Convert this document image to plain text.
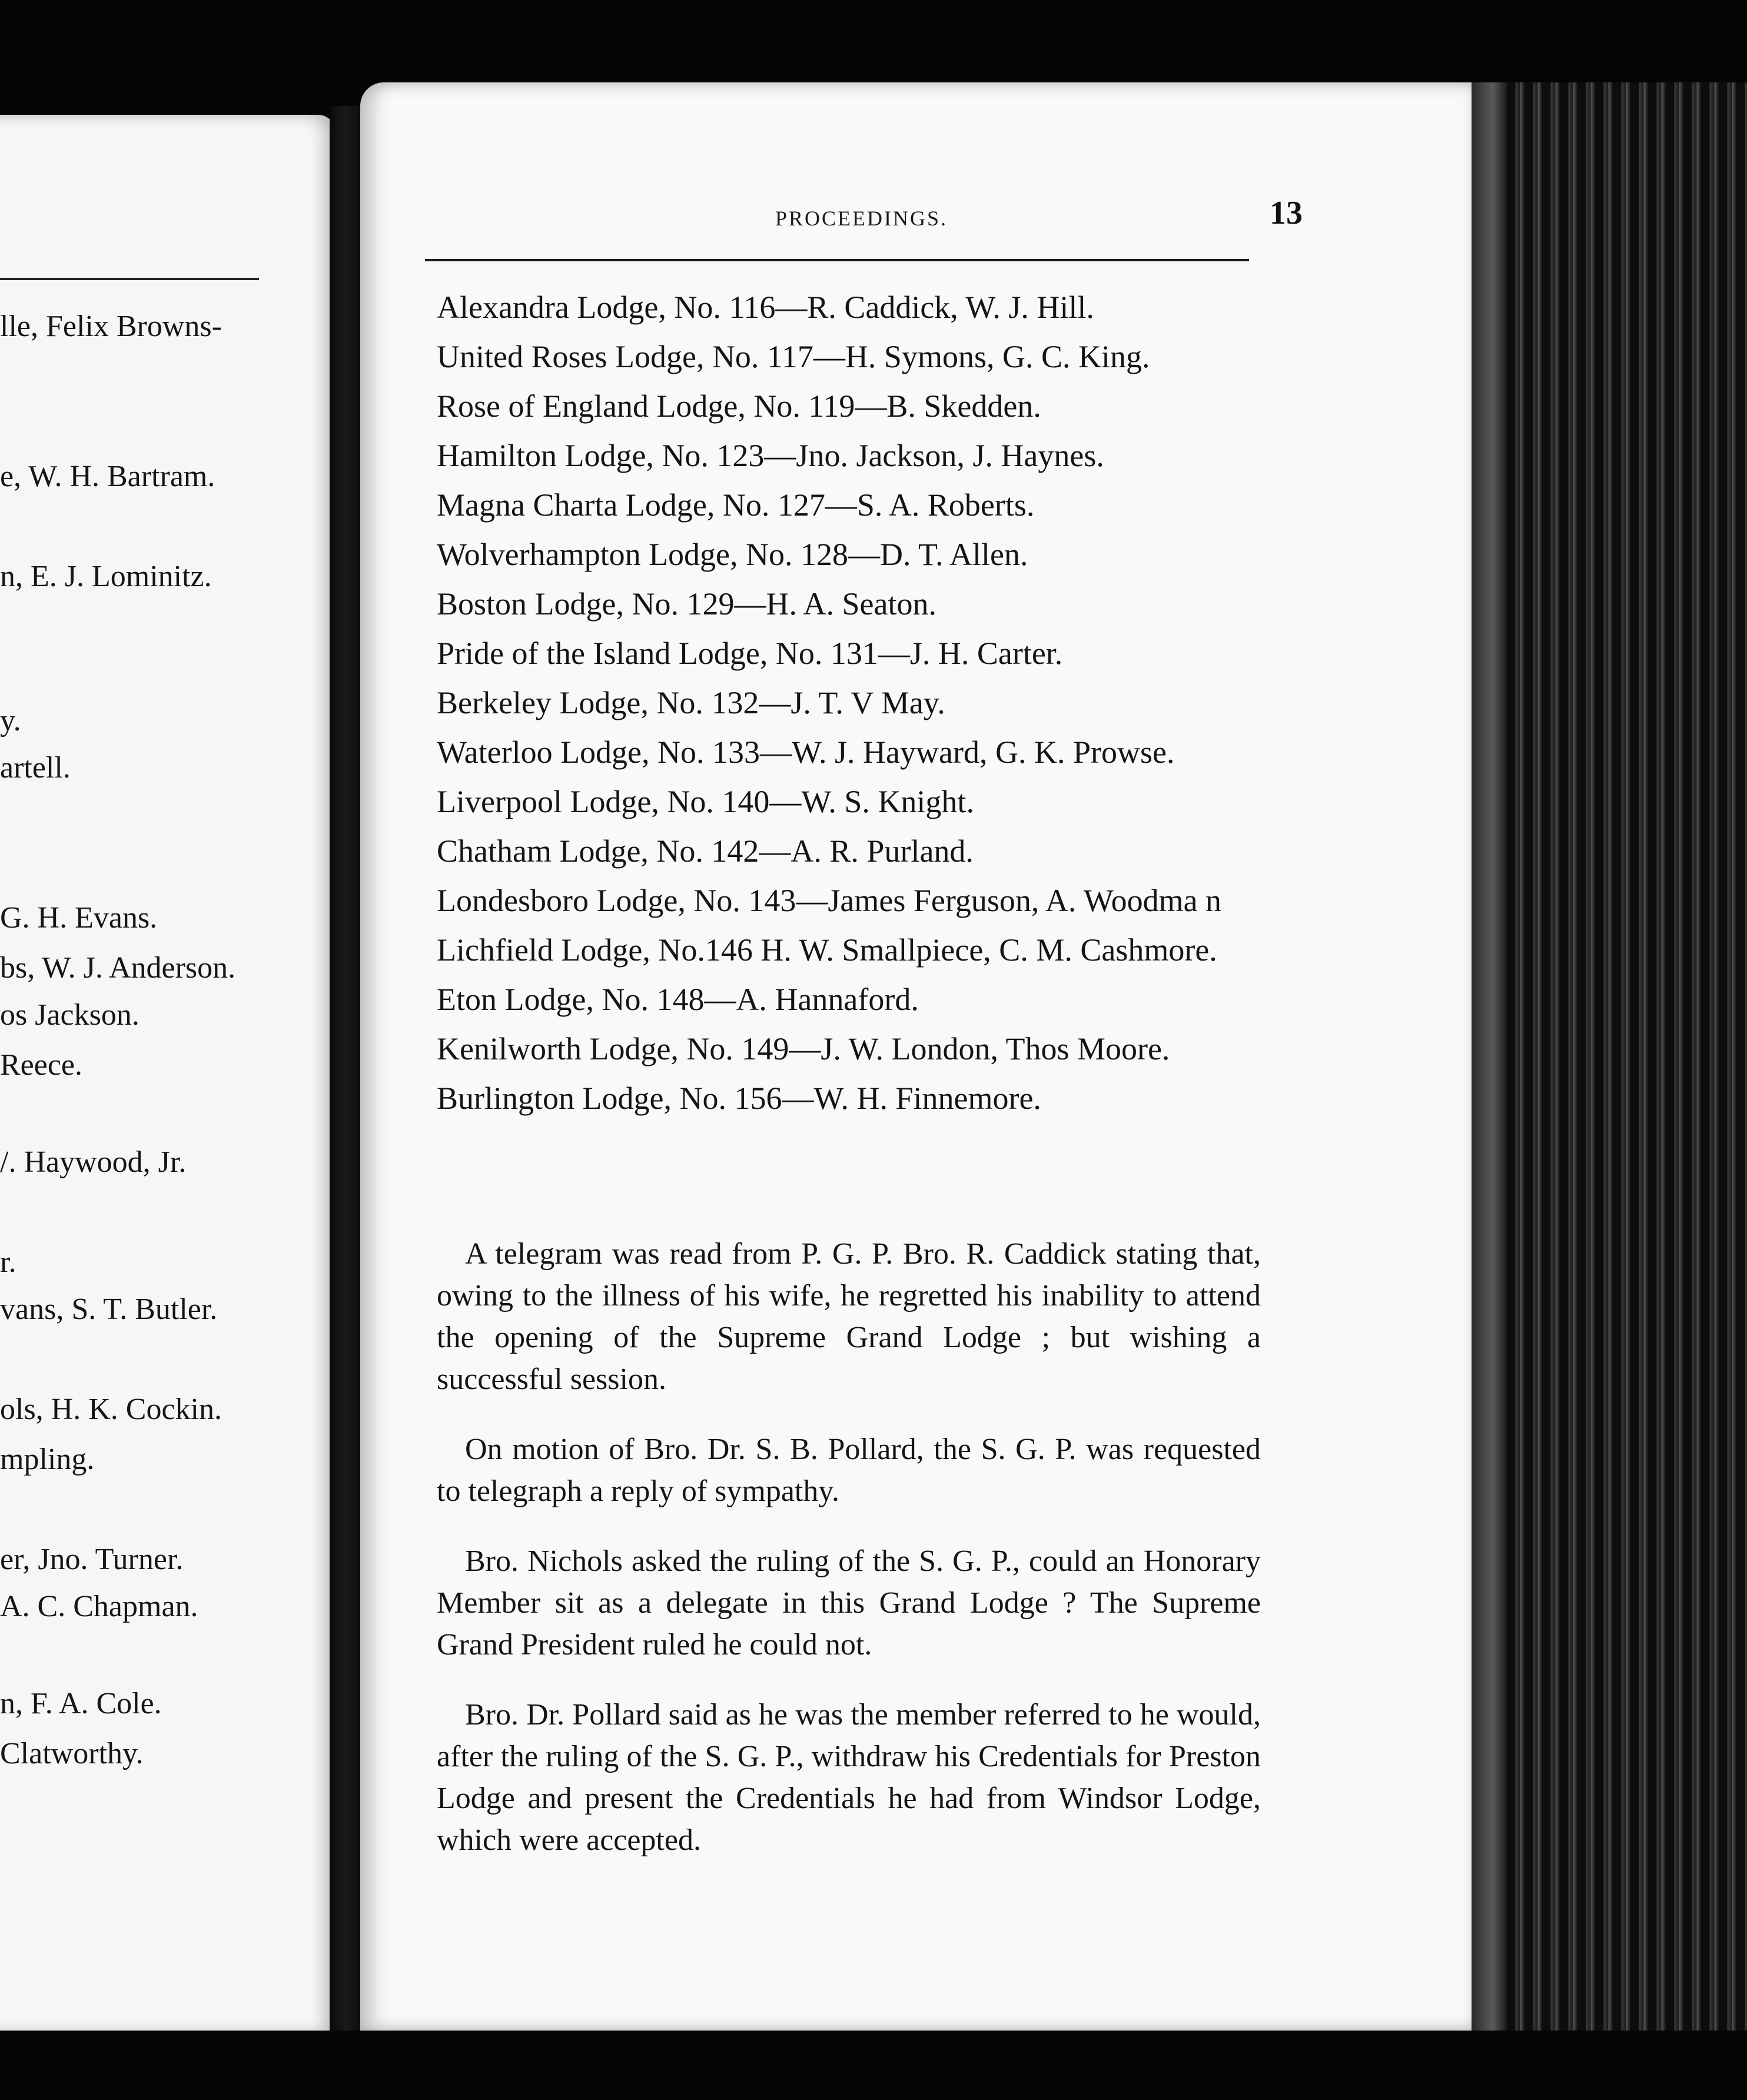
lle, Felix Browns-
e, W. H. Bartram.
n, E. J. Lominitz.
y.
artell.
G. H. Evans.
bs, W. J. Anderson.
os Jackson.
Reece.
/. Haywood, Jr.
r.
vans, S. T. Butler.
ols, H. K. Cockin.
mpling.
er, Jno. Turner.
A. C. Chapman.
n, F. A. Cole.
Clatworthy.
PROCEEDINGS.	13
Alexandra Lodge, No. 116—R. Caddick, W. J. Hill.
United Roses Lodge, No. 117—H. Symons, G. C. King.
Rose of England Lodge, No. 119—B. Skedden.
Hamilton Lodge, No. 123—Jno. Jackson, J. Haynes.
Magna Charta Lodge, No. 127—S. A. Roberts.
Wolverhampton Lodge, No. 128—D. T. Allen.
Boston Lodge, No. 129—H. A. Seaton.
Pride of the Island Lodge, No. 131—J. H. Carter.
Berkeley Lodge, No. 132—J. T. V May.
Waterloo Lodge, No. 133—W. J. Hayward, G. K. Prowse.
Liverpool Lodge, No. 140—W. S. Knight.
Chatham Lodge, No. 142—A. R. Purland.
Londesboro Lodge, No. 143—James Ferguson, A. Woodma n
Lichfield Lodge, No.146 H. W. Smallpiece, C. M. Cashmore.
Eton Lodge, No. 148—A. Hannaford.
Kenilworth Lodge, No. 149—J. W. London, Thos Moore.
Burlington Lodge, No. 156—W. H. Finnemore.

A telegram was read from P. G. P. Bro. R. Caddick stating that, owing to the illness of his wife, he regretted his inability to attend the opening of the Supreme Grand Lodge ; but wishing a successful session.

On motion of Bro. Dr. S. B. Pollard, the S. G. P. was requested to telegraph a reply of sympathy.

Bro. Nichols asked the ruling of the S. G. P., could an Honorary Member sit as a delegate in this Grand Lodge ? The Supreme Grand President ruled he could not.

Bro. Dr. Pollard said as he was the member referred to he would, after the ruling of the S. G. P., withdraw his Credentials for Preston Lodge and present the Credentials he had from Windsor Lodge, which were accepted.
